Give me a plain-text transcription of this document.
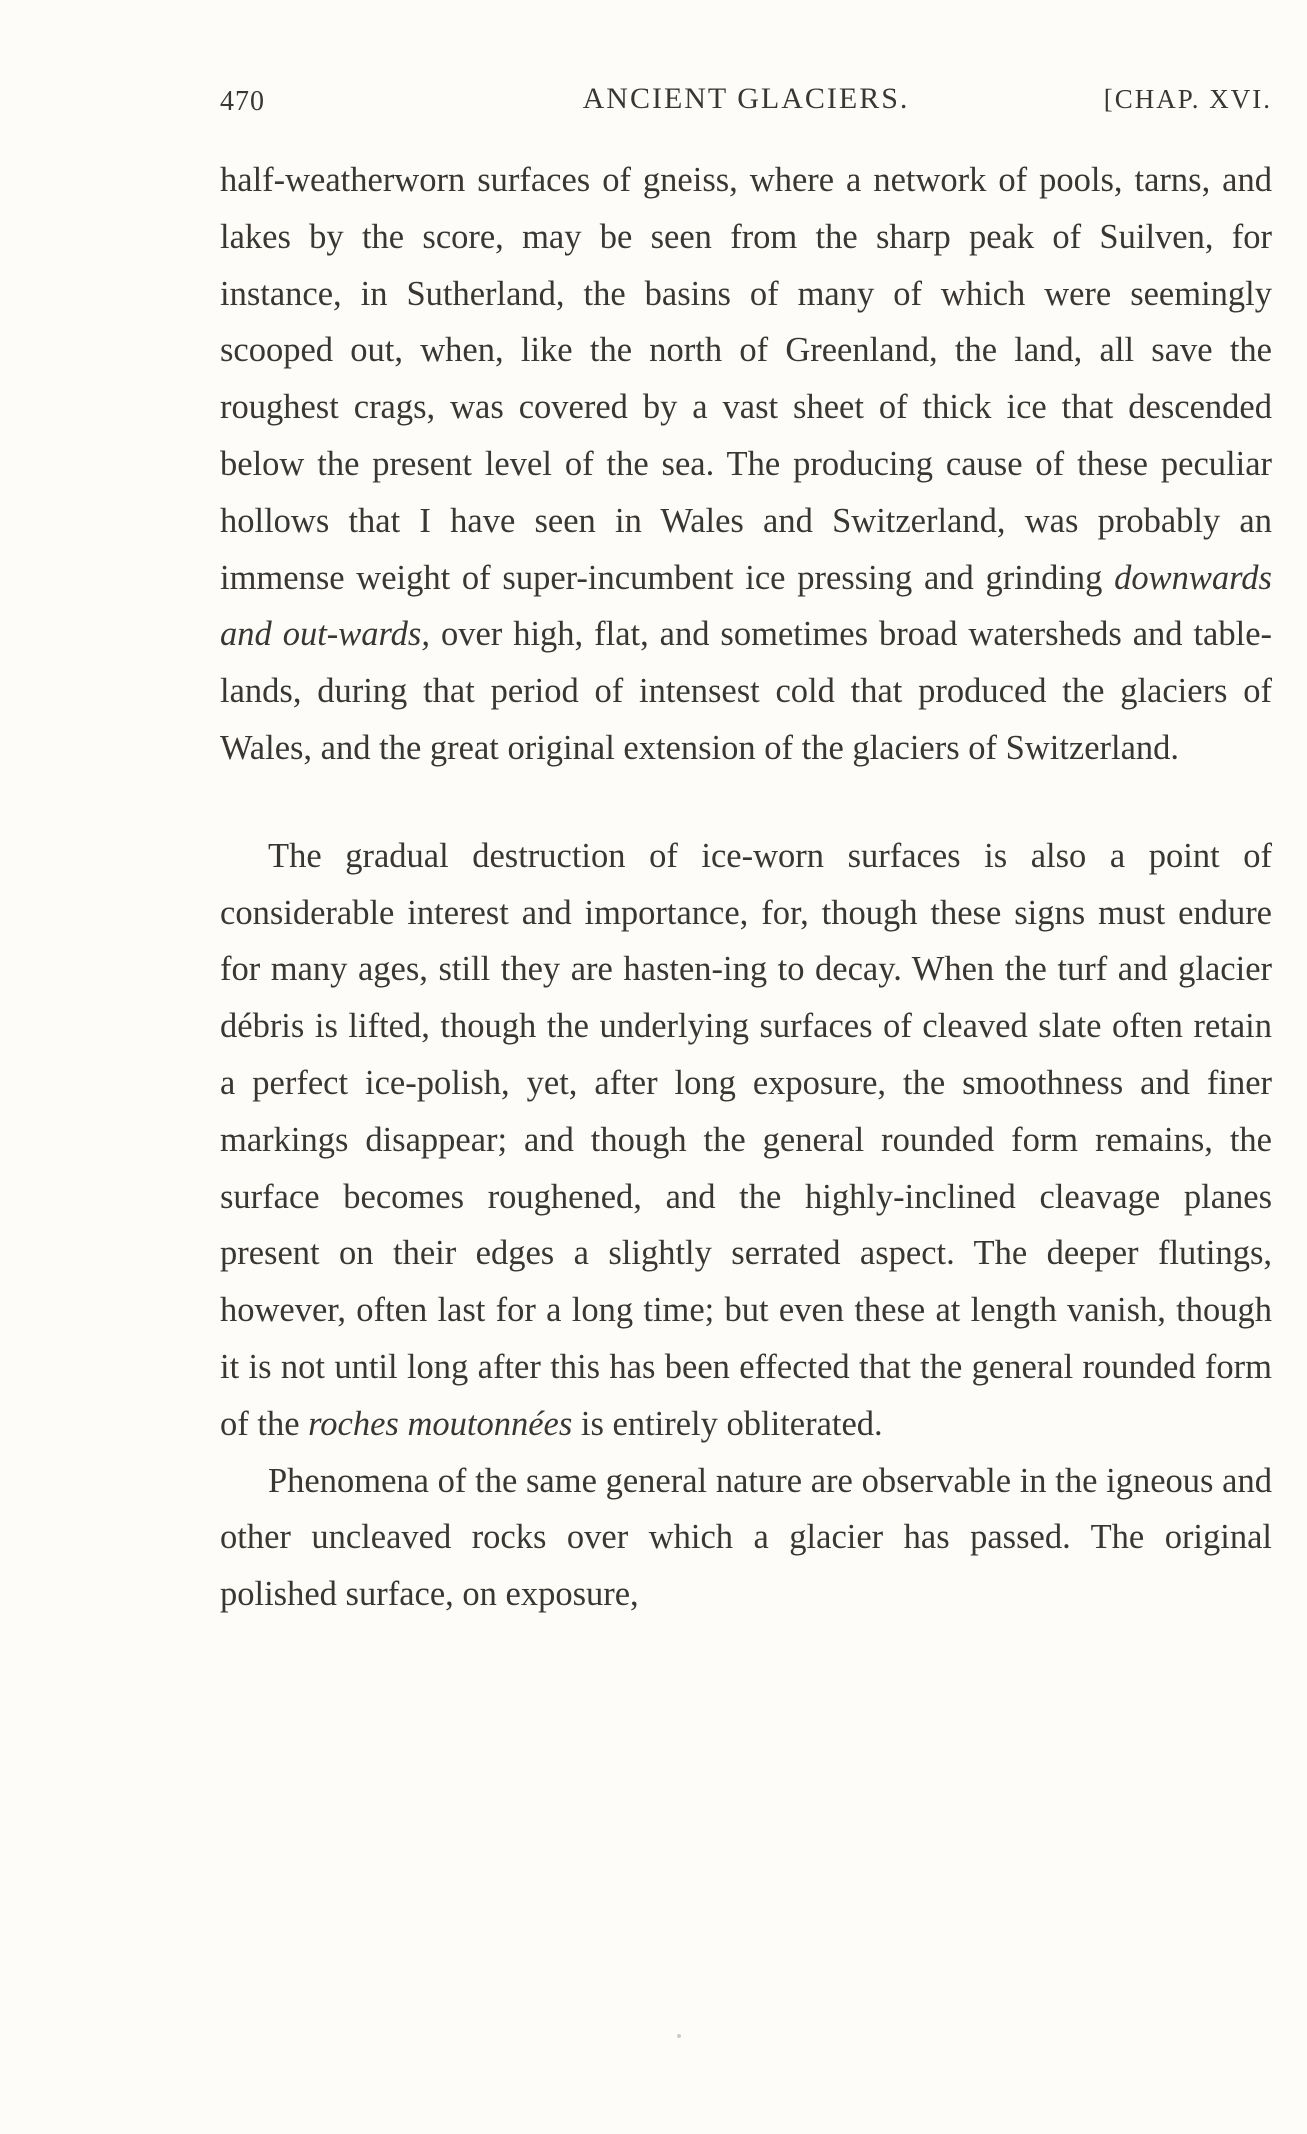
470	ANCIENT GLACIERS.	[CHAP. XVI.

half-weatherworn surfaces of gneiss, where a network of pools, tarns, and lakes by the score, may be seen from the sharp peak of Suilven, for instance, in Sutherland, the basins of many of which were seemingly scooped out, when, like the north of Greenland, the land, all save the roughest crags, was covered by a vast sheet of thick ice that descended below the present level of the sea. The producing cause of these peculiar hollows that I have seen in Wales and Switzerland, was probably an immense weight of super-incumbent ice pressing and grinding downwards and out-wards, over high, flat, and sometimes broad watersheds and table-lands, during that period of intensest cold that produced the glaciers of Wales, and the great original extension of the glaciers of Switzerland.

The gradual destruction of ice-worn surfaces is also a point of considerable interest and importance, for, though these signs must endure for many ages, still they are hasten-ing to decay. When the turf and glacier débris is lifted, though the underlying surfaces of cleaved slate often retain a perfect ice-polish, yet, after long exposure, the smoothness and finer markings disappear; and though the general rounded form remains, the surface becomes roughened, and the highly-inclined cleavage planes present on their edges a slightly serrated aspect. The deeper flutings, however, often last for a long time; but even these at length vanish, though it is not until long after this has been effected that the general rounded form of the roches moutonnées is entirely obliterated.

Phenomena of the same general nature are observable in the igneous and other uncleaved rocks over which a glacier has passed. The original polished surface, on exposure,
